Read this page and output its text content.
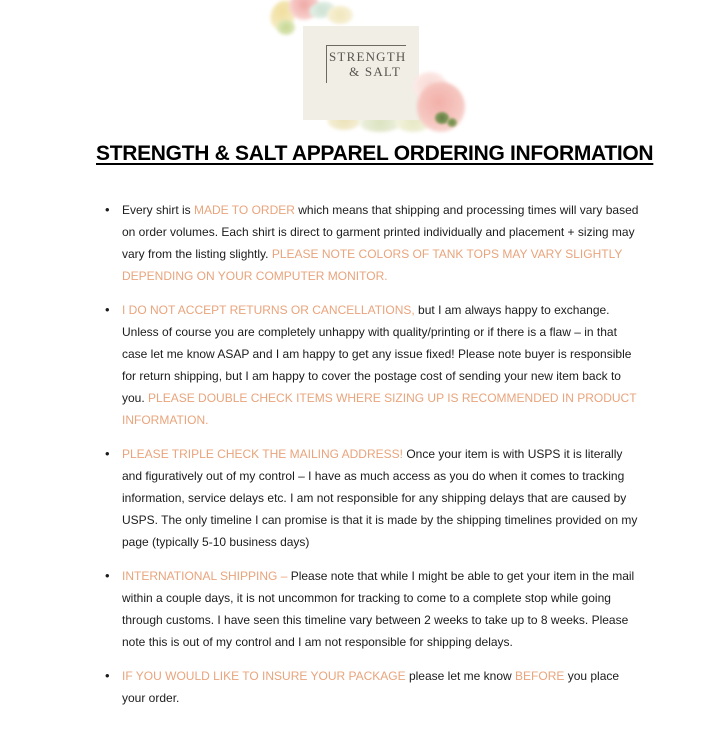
STRENGTH
& SALT
STRENGTH & SALT APPAREL ORDERING INFORMATION
• Every shirt is MADE TO ORDER which means that shipping and processing times will vary based on order volumes. Each shirt is direct to garment printed individually and placement + sizing may vary from the listing slightly. PLEASE NOTE COLORS OF TANK TOPS MAY VARY SLIGHTLY DEPENDING ON YOUR COMPUTER MONITOR.
• I DO NOT ACCEPT RETURNS OR CANCELLATIONS, but I am always happy to exchange. Unless of course you are completely unhappy with quality/printing or if there is a flaw – in that case let me know ASAP and I am happy to get any issue fixed! Please note buyer is responsible for return shipping, but I am happy to cover the postage cost of sending your new item back to you. PLEASE DOUBLE CHECK ITEMS WHERE SIZING UP IS RECOMMENDED IN PRODUCT INFORMATION.
• PLEASE TRIPLE CHECK THE MAILING ADDRESS! Once your item is with USPS it is literally and figuratively out of my control – I have as much access as you do when it comes to tracking information, service delays etc. I am not responsible for any shipping delays that are caused by USPS. The only timeline I can promise is that it is made by the shipping timelines provided on my page (typically 5-10 business days)
• INTERNATIONAL SHIPPING – Please note that while I might be able to get your item in the mail within a couple days, it is not uncommon for tracking to come to a complete stop while going through customs. I have seen this timeline vary between 2 weeks to take up to 8 weeks. Please note this is out of my control and I am not responsible for shipping delays.
• IF YOU WOULD LIKE TO INSURE YOUR PACKAGE please let me know BEFORE you place your order.
